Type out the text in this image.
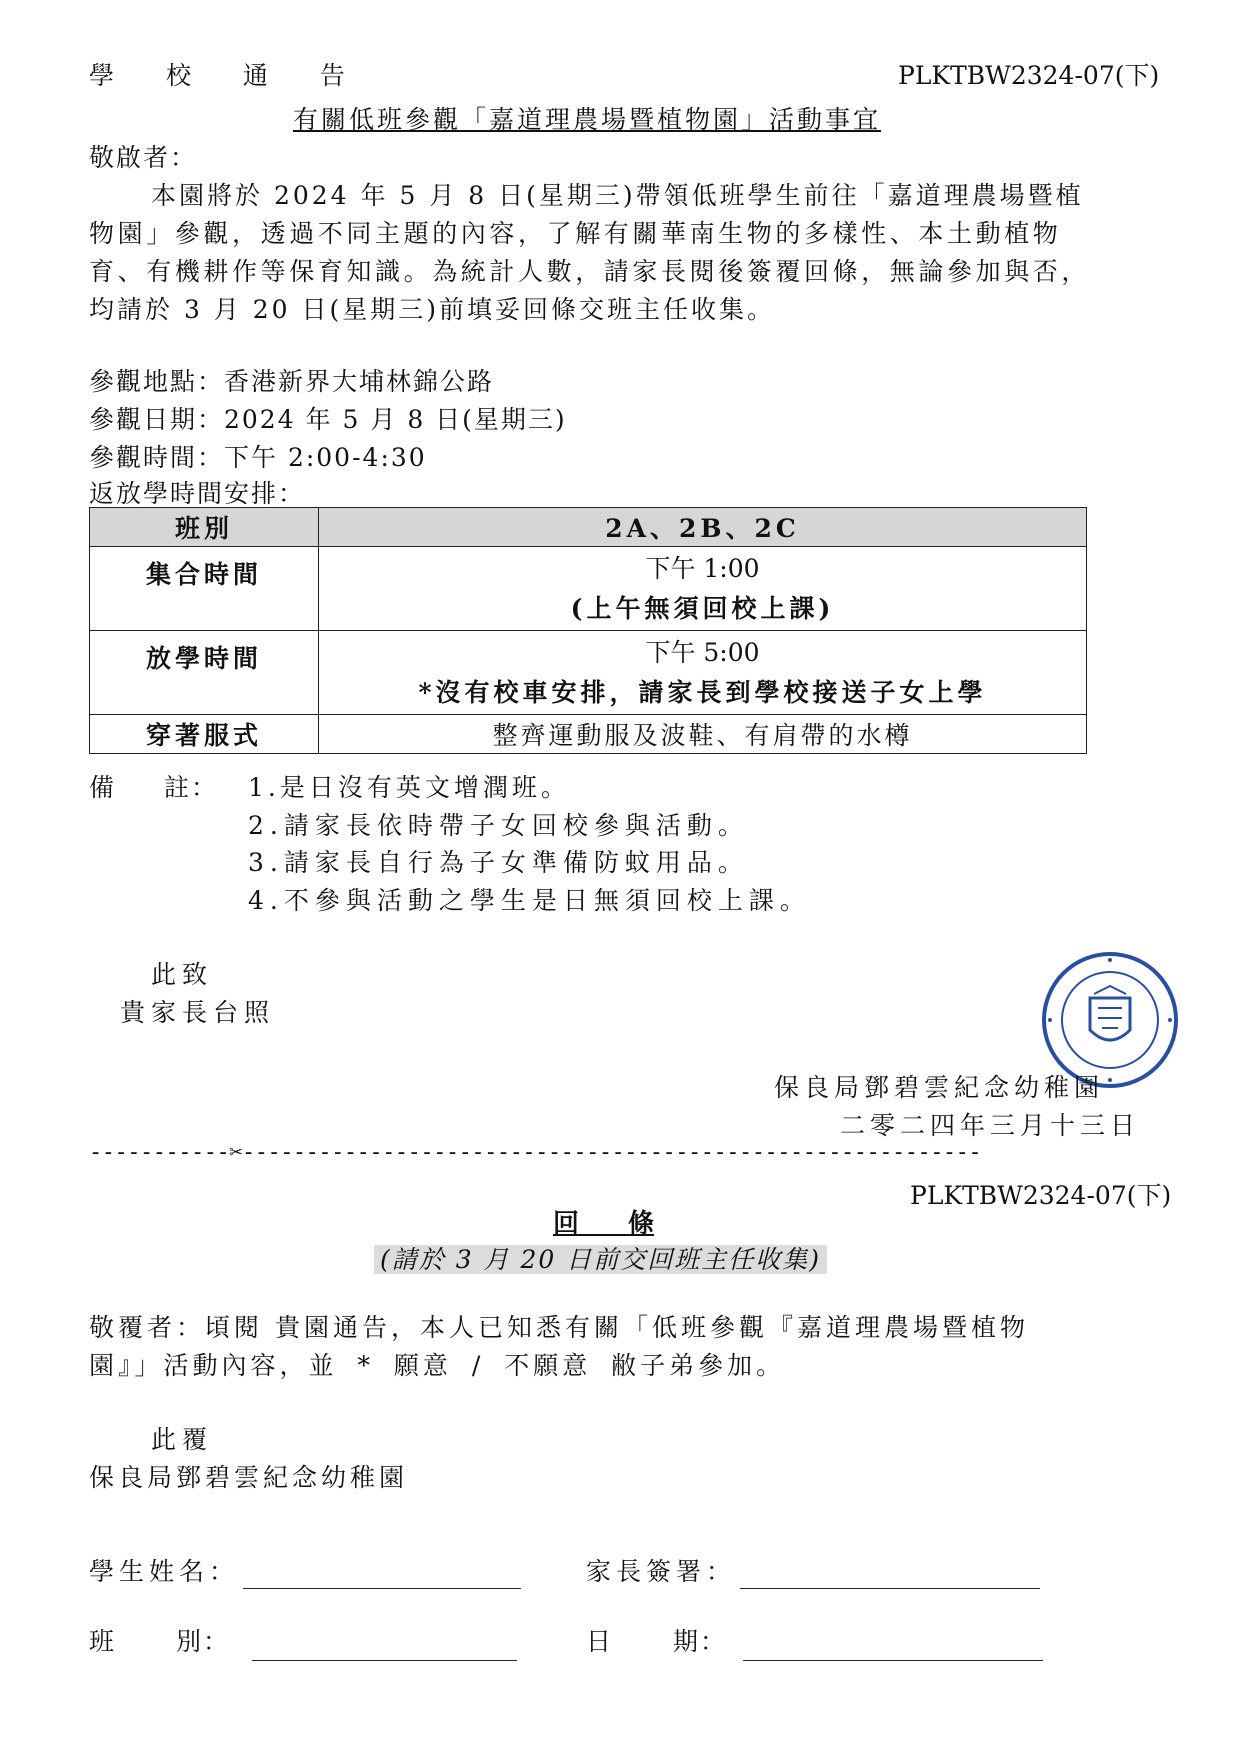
學 校 通 告	PLKTBW2324-07(下)
有關低班參觀「嘉道理農場暨植物園」活動事宜
敬啟者：
本園將於 2024 年 5 月 8 日(星期三)帶領低班學生前往「嘉道理農場暨植
物園」參觀，透過不同主題的內容，了解有關華南生物的多樣性、本土動植物
育、有機耕作等保育知識。為統計人數，請家長閱後簽覆回條，無論參加與否，
均請於 3 月 20 日(星期三)前填妥回條交班主任收集。
參觀地點：香港新界大埔林錦公路
參觀日期：2024 年 5 月 8 日(星期三)
參觀時間：下午 2:00-4:30
返放學時間安排：
班別	2A、2B、2C
集合時間	下午 1:00
(上午無須回校上課)

放學時間	下午 5:00
*沒有校車安排，請家長到學校接送子女上學

穿著服式	整齊運動服及波鞋、有肩帶的水樽
備 註： 1.是日沒有英文增潤班。
2.請家長依時帶子女回校參與活動。
3.請家長自行為子女準備防蚊用品。
4.不參與活動之學生是日無須回校上課。
此致
貴家長台照
保良局鄧碧雲紀念幼稚園
二零二四年三月十三日
-----------✂----------------------------------------------------------
PLKTBW2324-07(下)
回 條
(請於 3 月 20 日前交回班主任收集)
敬覆者：頃閱 貴園通告，本人已知悉有關「低班參觀『嘉道理農場暨植物
園』」活動內容，並 * 願意 / 不願意 敝子弟參加。
此覆
保良局鄧碧雲紀念幼稚園
學生姓名：	家長簽署：
班 別：	日 期：
